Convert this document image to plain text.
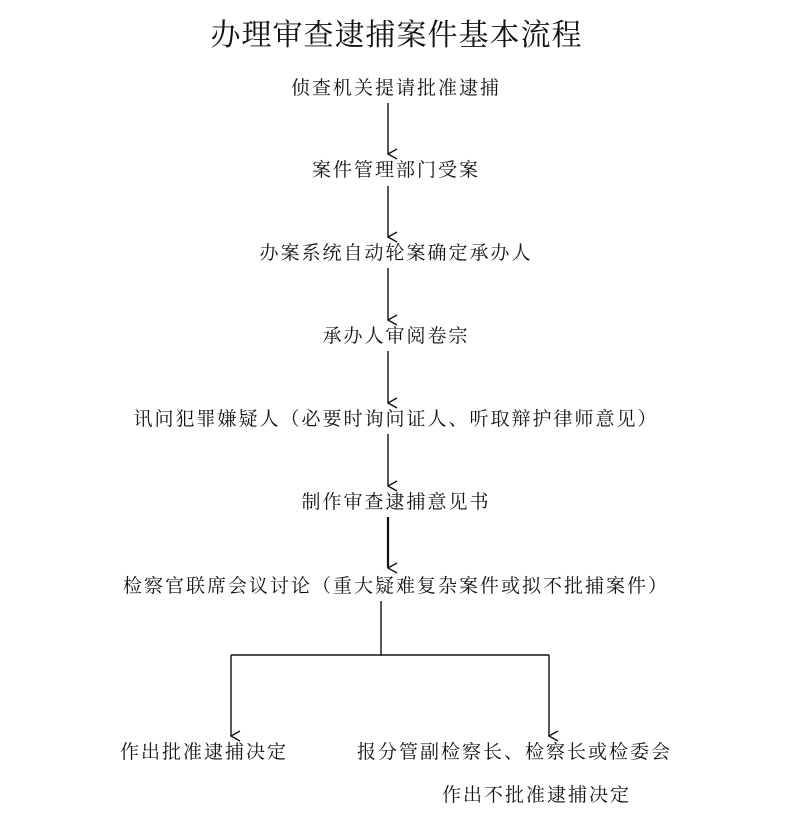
办理审查逮捕案件基本流程
侦查机关提请批准逮捕
案件管理部门受案
办案系统自动轮案确定承办人
承办人审阅卷宗
讯问犯罪嫌疑人（必要时询问证人、听取辩护律师意见）
制作审查逮捕意见书
检察官联席会议讨论（重大疑难复杂案件或拟不批捕案件）
作出批准逮捕决定	报分管副检察长、检察长或检委会
作出不批准逮捕决定
